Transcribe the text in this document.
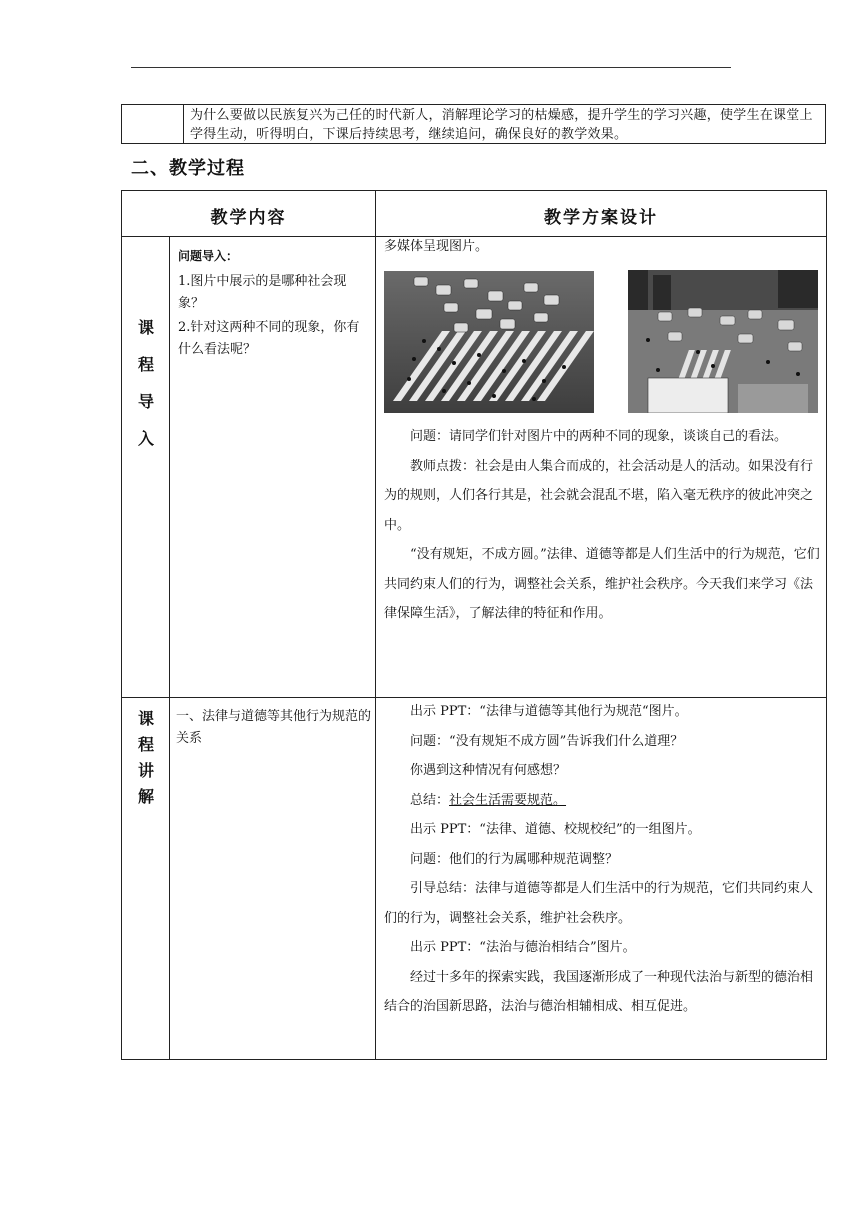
为什么要做以民族复兴为己任的时代新人，消解理论学习的枯燥感，提升学生的学习兴趣，使学生在课堂上学得生动，听得明白，下课后持续思考，继续追问，确保良好的教学效果。
二、教学过程
教学内容	教学方案设计
课
程
导
入

问题导入：

1.图片中展示的是哪种社会现象？

2.针对这两种不同的现象，你有什么看法呢？

多媒体呈现图片。

问题：请同学们针对图片中的两种不同的现象，谈谈自己的看法。

教师点拨：社会是由人集合而成的，社会活动是人的活动。如果没有行为的规则，人们各行其是，社会就会混乱不堪，陷入毫无秩序的彼此冲突之中。

“没有规矩，不成方圆。”法律、道德等都是人们生活中的行为规范，它们共同约束人们的行为，调整社会关系，维护社会秩序。今天我们来学习《法律保障生活》，了解法律的特征和作用。

课
程
讲
解
一、法律与道德等其他行为规范的关系

出示 PPT：“法律与道德等其他行为规范“图片。

问题：“没有规矩不成方圆”告诉我们什么道理？

你遇到这种情况有何感想？

总结：社会生活需要规范。

出示 PPT：“法律、道德、校规校纪”的一组图片。

问题：他们的行为属哪种规范调整？

引导总结：法律与道德等都是人们生活中的行为规范，它们共同约束人们的行为，调整社会关系，维护社会秩序。

出示 PPT：“法治与德治相结合”图片。

经过十多年的探索实践，我国逐渐形成了一种现代法治与新型的德治相结合的治国新思路，法治与德治相辅相成、相互促进。
